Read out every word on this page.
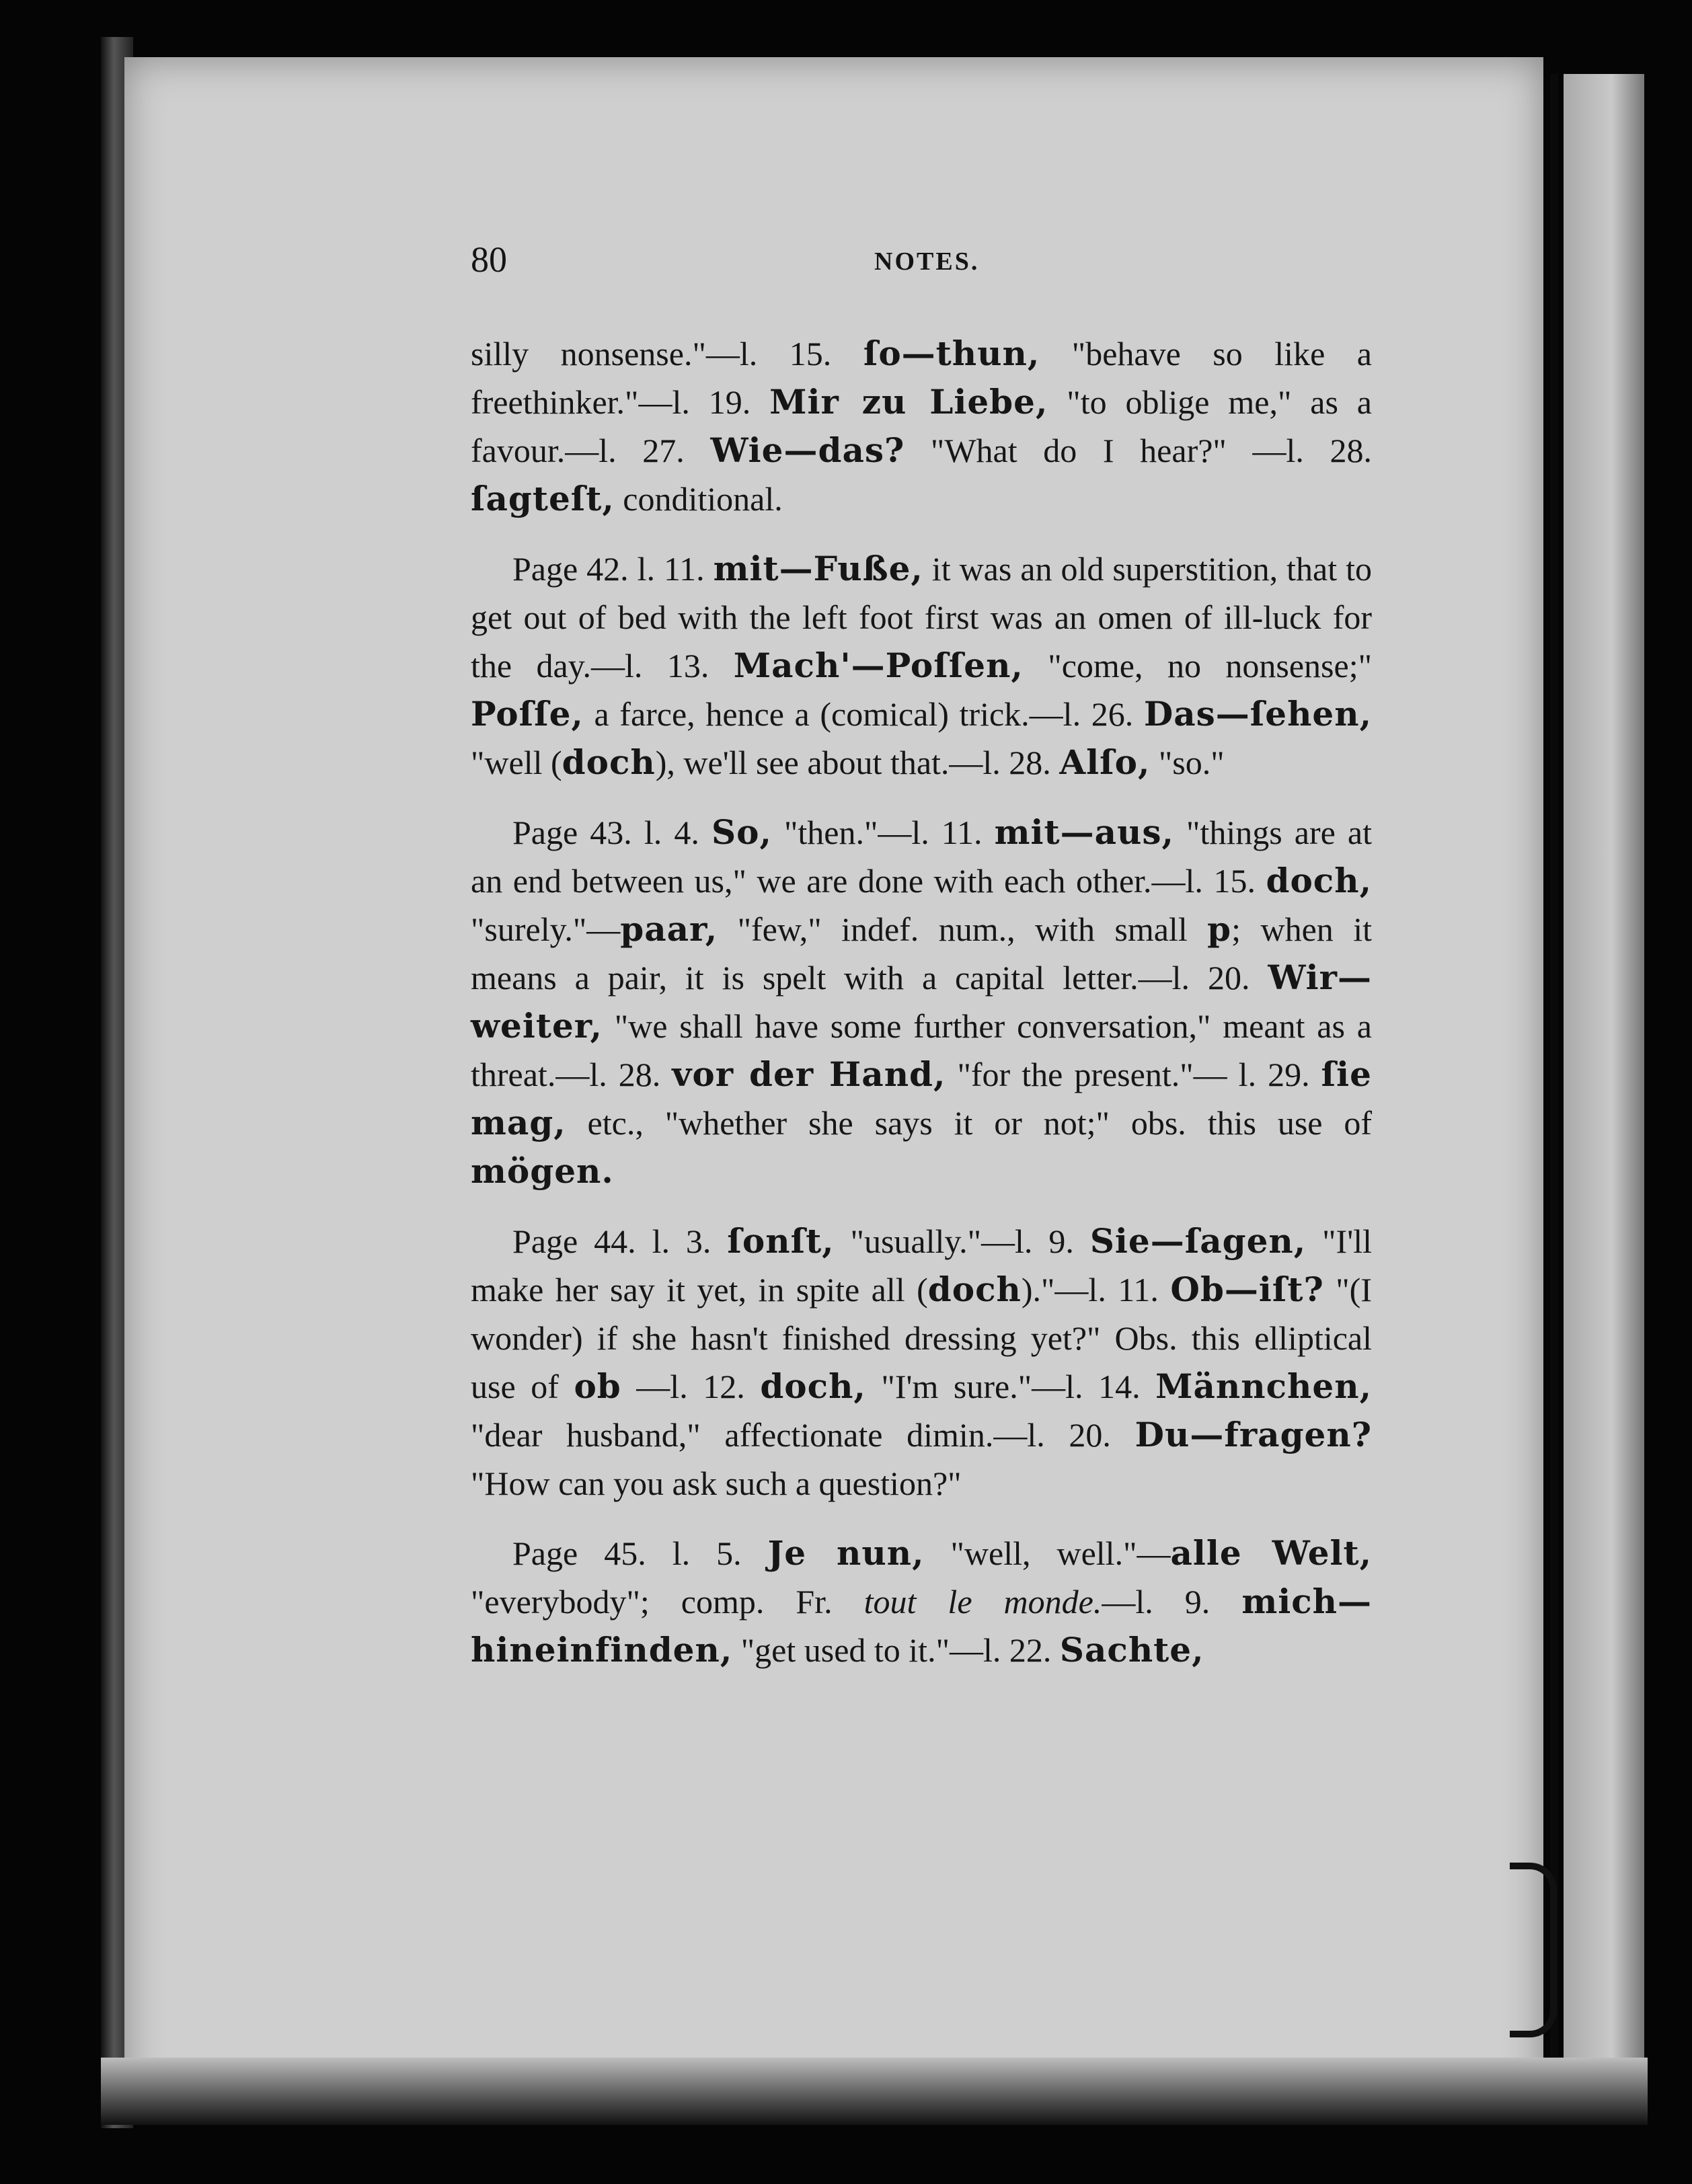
80	NOTES.

silly nonsense."—l. 15. ſo—thun, "behave so like a freethinker."—l. 19. Mir zu Liebe, "to oblige me," as a favour.—l. 27. Wie—das? "What do I hear?" —l. 28. ſagteſt, conditional.

Page 42. l. 11. mit—Fuße, it was an old superstition, that to get out of bed with the left foot first was an omen of ill-luck for the day.—l. 13. Mach'—Poſſen, "come, no nonsense;" Poſſe, a farce, hence a (comical) trick.—l. 26. Das—ſehen, "well (doch), we'll see about that.—l. 28. Alſo, "so."

Page 43. l. 4. So, "then."—l. 11. mit—aus, "things are at an end between us," we are done with each other.—l. 15. doch, "surely."—paar, "few," indef. num., with small p; when it means a pair, it is spelt with a capital letter.—l. 20. Wir—weiter, "we shall have some further conversation," meant as a threat.—l. 28. vor der Hand, "for the present."— l. 29. ſie mag, etc., "whether she says it or not;" obs. this use of mögen.

Page 44. l. 3. ſonſt, "usually."—l. 9. Sie—ſagen, "I'll make her say it yet, in spite all (doch)."—l. 11. Ob—iſt? "(I wonder) if she hasn't finished dressing yet?" Obs. this elliptical use of ob —l. 12. doch, "I'm sure."—l. 14. Männchen, "dear husband," affectionate dimin.—l. 20. Du—fragen? "How can you ask such a question?"

Page 45. l. 5. Je nun, "well, well."—alle Welt, "everybody"; comp. Fr. tout le monde.—l. 9. mich— hineinfinden, "get used to it."—l. 22. Sachte,
